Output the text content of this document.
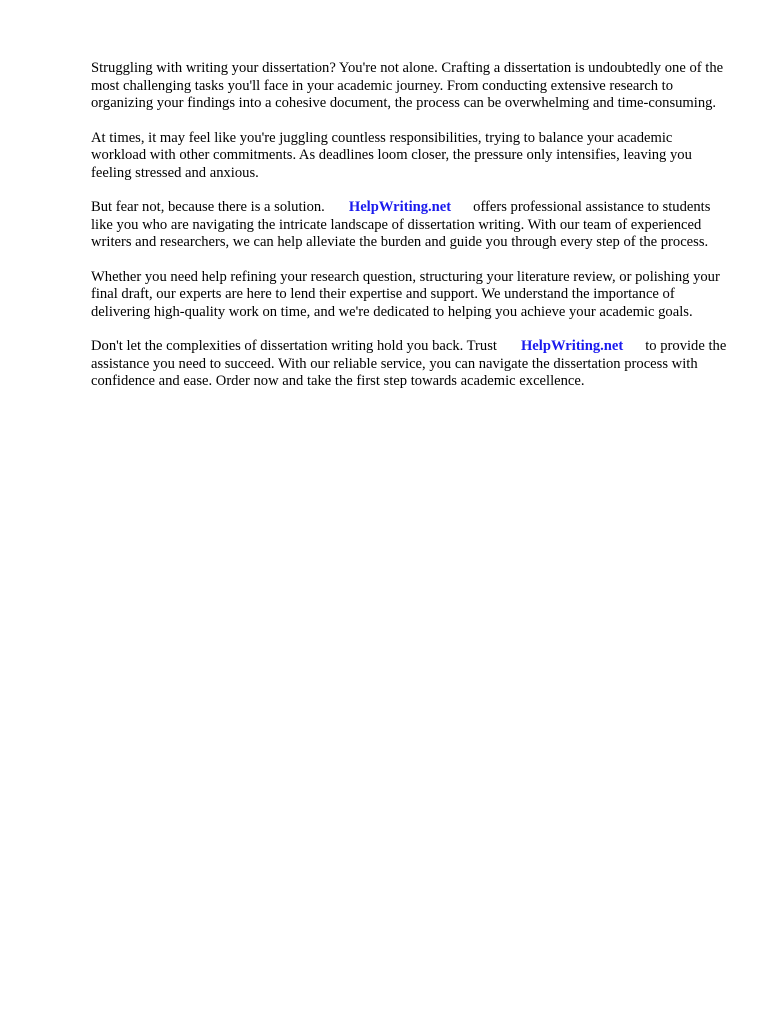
Struggling with writing your dissertation? You're not alone. Crafting a dissertation is undoubtedly one of the most challenging tasks you'll face in your academic journey. From conducting extensive research to organizing your findings into a cohesive document, the process can be overwhelming and time-consuming.

At times, it may feel like you're juggling countless responsibilities, trying to balance your academic workload with other commitments. As deadlines loom closer, the pressure only intensifies, leaving you feeling stressed and anxious.

But fear not, because there is a solution. HelpWriting.net offers professional assistance to students like you who are navigating the intricate landscape of dissertation writing. With our team of experienced writers and researchers, we can help alleviate the burden and guide you through every step of the process.

Whether you need help refining your research question, structuring your literature review, or polishing your final draft, our experts are here to lend their expertise and support. We understand the importance of delivering high-quality work on time, and we're dedicated to helping you achieve your academic goals.

Don't let the complexities of dissertation writing hold you back. Trust HelpWriting.net to provide the assistance you need to succeed. With our reliable service, you can navigate the dissertation process with confidence and ease. Order now and take the first step towards academic excellence.
